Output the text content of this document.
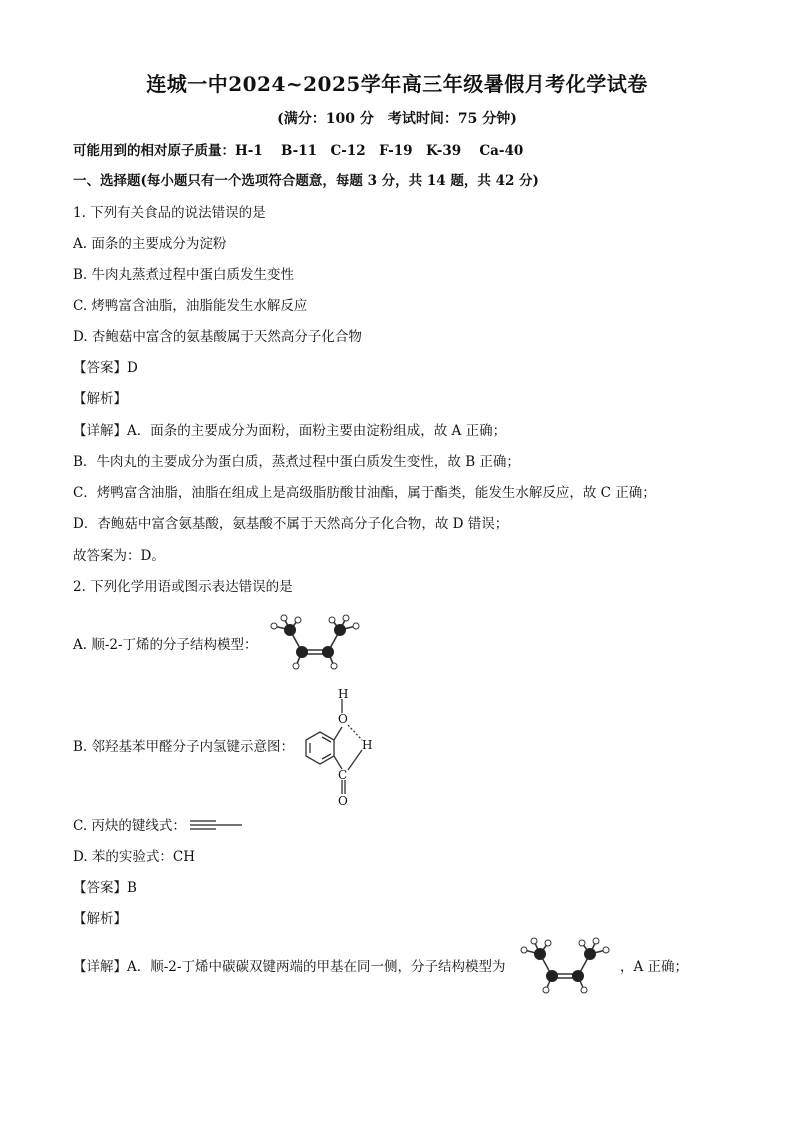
连城一中2024~2025学年高三年级暑假月考化学试卷
(满分：100 分　考试时间：75 分钟)
可能用到的相对原子质量：H-1　 B-11　C-12　F-19　K-39　 Ca-40
一、选择题(每小题只有一个选项符合题意，每题 3 分，共 14 题，共 42 分)
1. 下列有关食品的说法错误的是
A. 面条的主要成分为淀粉
B. 牛肉丸蒸煮过程中蛋白质发生变性
C. 烤鸭富含油脂，油脂能发生水解反应
D. 杏鲍菇中富含的氨基酸属于天然高分子化合物
【答案】D
【解析】
【详解】A．面条的主要成分为面粉，面粉主要由淀粉组成，故 A 正确；
B．牛肉丸的主要成分为蛋白质，蒸煮过程中蛋白质发生变性，故 B 正确；
C．烤鸭富含油脂，油脂在组成上是高级脂肪酸甘油酯，属于酯类，能发生水解反应，故 C 正确；
D．杏鲍菇中富含氨基酸，氨基酸不属于天然高分子化合物，故 D 错误；
故答案为：D。
2. 下列化学用语或图示表达错误的是
A. 顺-2-丁烯的分子结构模型：
B. 邻羟基苯甲醛分子内氢键示意图：
H
O
H
C
O
C. 丙炔的键线式：
D. 苯的实验式：CH
【答案】B
【解析】
【详解】A．顺-2-丁烯中碳碳双键两端的甲基在同一侧，分子结构模型为	，A 正确；
